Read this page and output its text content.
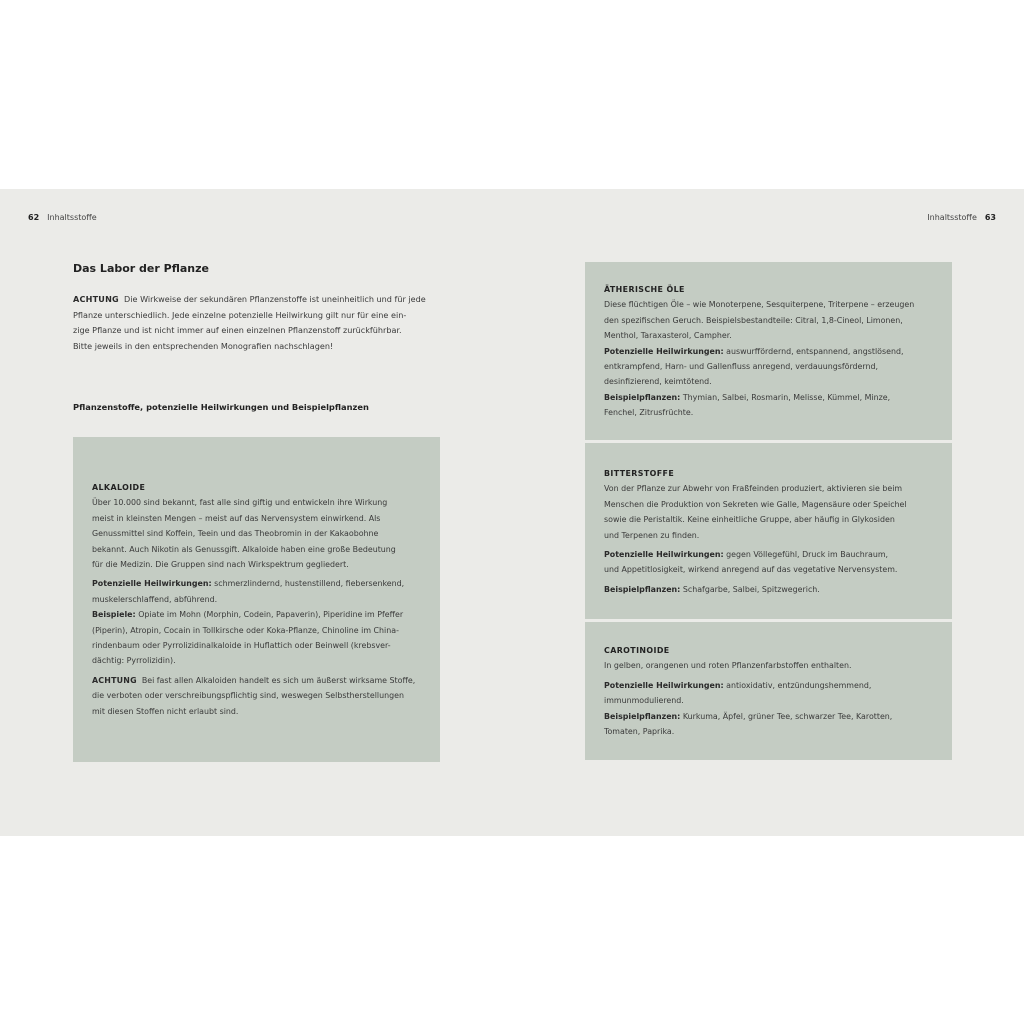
62 Inhaltsstoffe	Inhaltsstoffe 63
Das Labor der Pflanze
ACHTUNG Die Wirkweise der sekundären Pflanzenstoffe ist uneinheitlich und für jede
Pflanze unterschiedlich. Jede einzelne potenzielle Heilwirkung gilt nur für eine ein-
zige Pflanze und ist nicht immer auf einen einzelnen Pflanzenstoff zurückführbar.
Bitte jeweils in den entsprechenden Monografien nachschlagen!
Pflanzenstoffe, potenzielle Heilwirkungen und Beispielpflanzen
ALKALOIDE

Über 10.000 sind bekannt, fast alle sind giftig und entwickeln ihre Wirkung
meist in kleinsten Mengen – meist auf das Nervensystem einwirkend. Als
Genussmittel sind Koffein, Teein und das Theobromin in der Kakaobohne
bekannt. Auch Nikotin als Genussgift. Alkaloide haben eine große Bedeutung
für die Medizin. Die Gruppen sind nach Wirkspektrum gegliedert.

Potenzielle Heilwirkungen: schmerzlindernd, hustenstillend, fiebersenkend,
muskelerschlaffend, abführend.
Beispiele: Opiate im Mohn (Morphin, Codein, Papaverin), Piperidine im Pfeffer
(Piperin), Atropin, Cocain in Tollkirsche oder Koka-Pflanze, Chinoline im China-
rindenbaum oder Pyrrolizidinalkaloide in Huflattich oder Beinwell (krebsver-
dächtig: Pyrrolizidin).

ACHTUNG Bei fast allen Alkaloiden handelt es sich um äußerst wirksame Stoffe,
die verboten oder verschreibungspflichtig sind, weswegen Selbstherstellungen
mit diesen Stoffen nicht erlaubt sind.

ÄTHERISCHE ÖLE

Diese flüchtigen Öle – wie Monoterpene, Sesquiterpene, Triterpene – erzeugen
den spezifischen Geruch. Beispielsbestandteile: Citral, 1,8-Cineol, Limonen,
Menthol, Taraxasterol, Campher.

Potenzielle Heilwirkungen: auswurffördernd, entspannend, angstlösend,
entkrampfend, Harn- und Gallenfluss anregend, verdauungsfördernd,
desinfizierend, keimtötend.
Beispielpflanzen: Thymian, Salbei, Rosmarin, Melisse, Kümmel, Minze,
Fenchel, Zitrusfrüchte.

BITTERSTOFFE

Von der Pflanze zur Abwehr von Fraßfeinden produziert, aktivieren sie beim
Menschen die Produktion von Sekreten wie Galle, Magensäure oder Speichel
sowie die Peristaltik. Keine einheitliche Gruppe, aber häufig in Glykosiden
und Terpenen zu finden.

Potenzielle Heilwirkungen: gegen Völlegefühl, Druck im Bauchraum,
und Appetitlosigkeit, wirkend anregend auf das vegetative Nervensystem.

Beispielpflanzen: Schafgarbe, Salbei, Spitzwegerich.

CAROTINOIDE

In gelben, orangenen und roten Pflanzenfarbstoffen enthalten.

Potenzielle Heilwirkungen: antioxidativ, entzündungshemmend,
immunmodulierend.
Beispielpflanzen: Kurkuma, Äpfel, grüner Tee, schwarzer Tee, Karotten,
Tomaten, Paprika.
